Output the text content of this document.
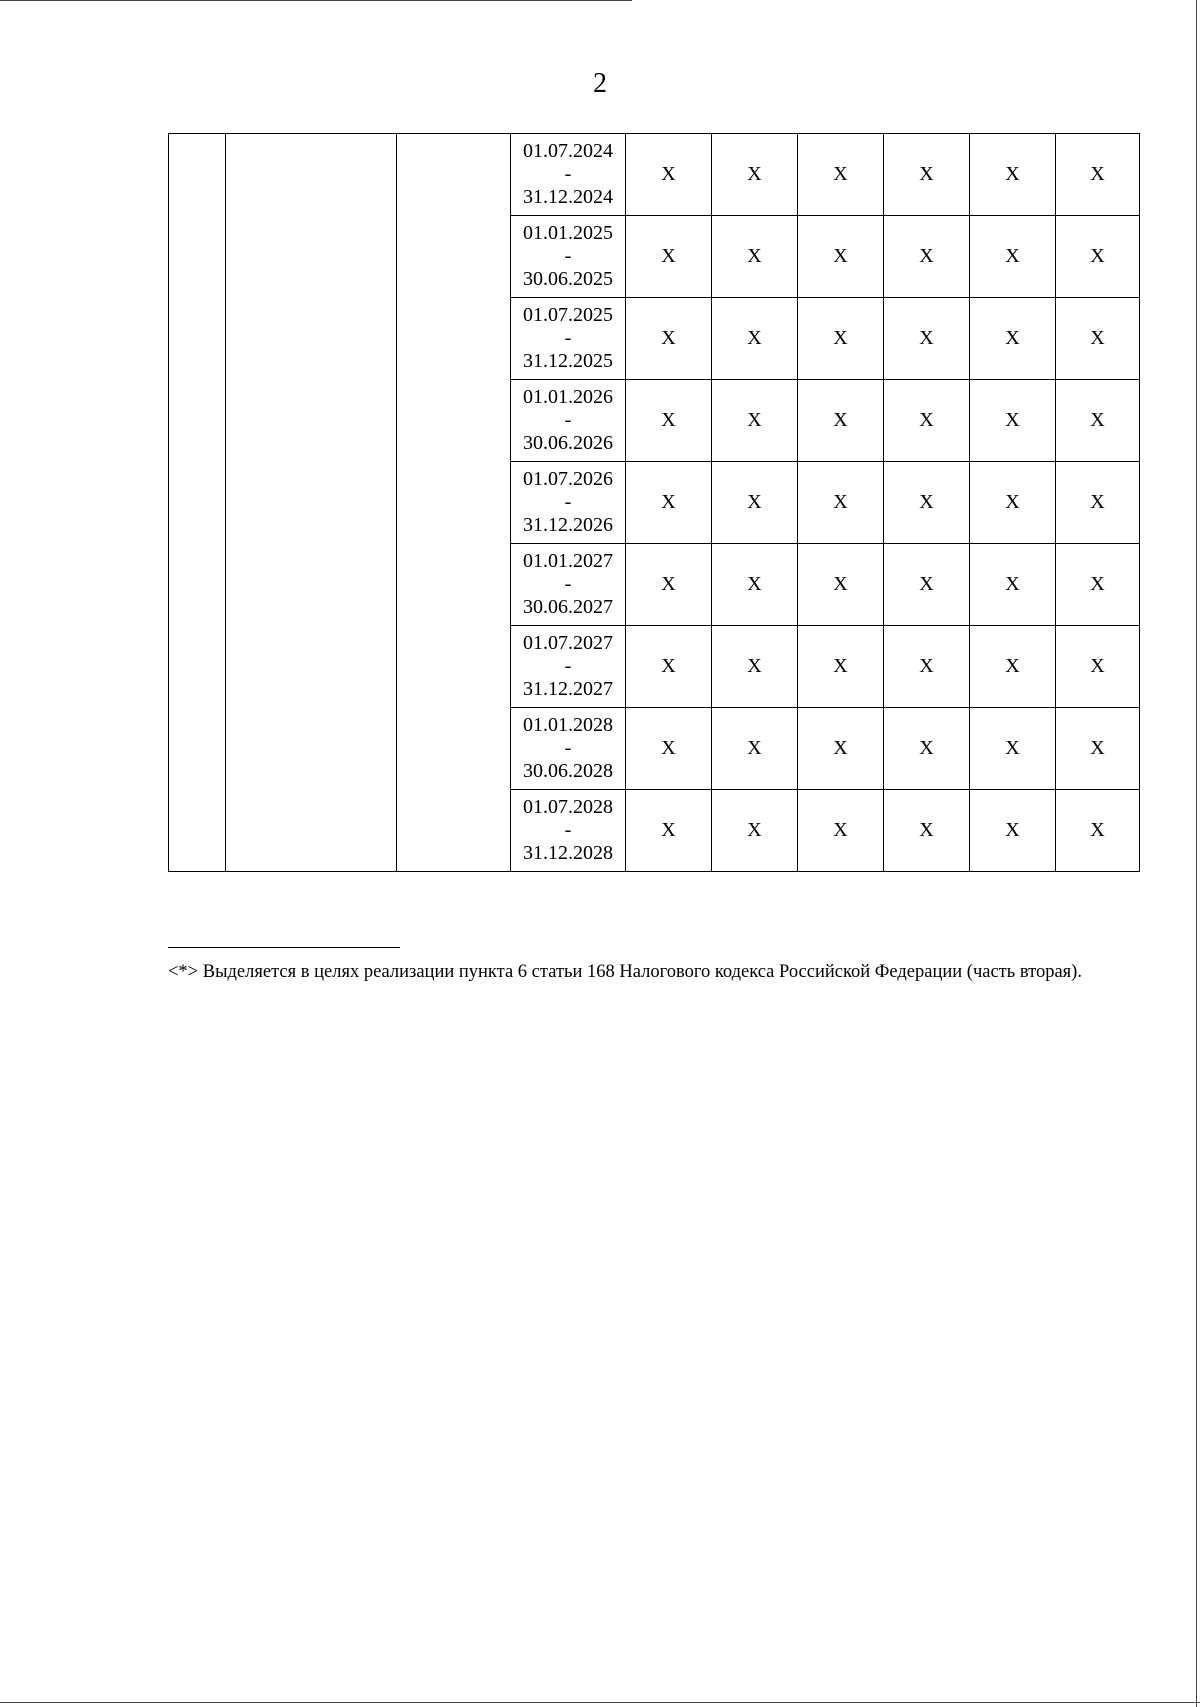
2

			01.07.2024
-
31.12.2024	X	X	X	X	X	X

			01.01.2025
-
30.06.2025	X	X	X	X	X	X

			01.07.2025
-
31.12.2025	X	X	X	X	X	X

			01.01.2026
-
30.06.2026	X	X	X	X	X	X

			01.07.2026
-
31.12.2026	X	X	X	X	X	X

			01.01.2027
-
30.06.2027	X	X	X	X	X	X

			01.07.2027
-
31.12.2027	X	X	X	X	X	X

			01.01.2028
-
30.06.2028	X	X	X	X	X	X

			01.07.2028
-
31.12.2028	X	X	X	X	X	X
<*> Выделяется в целях реализации пункта 6 статьи 168 Налогового кодекса Российской Федерации (часть вторая).
